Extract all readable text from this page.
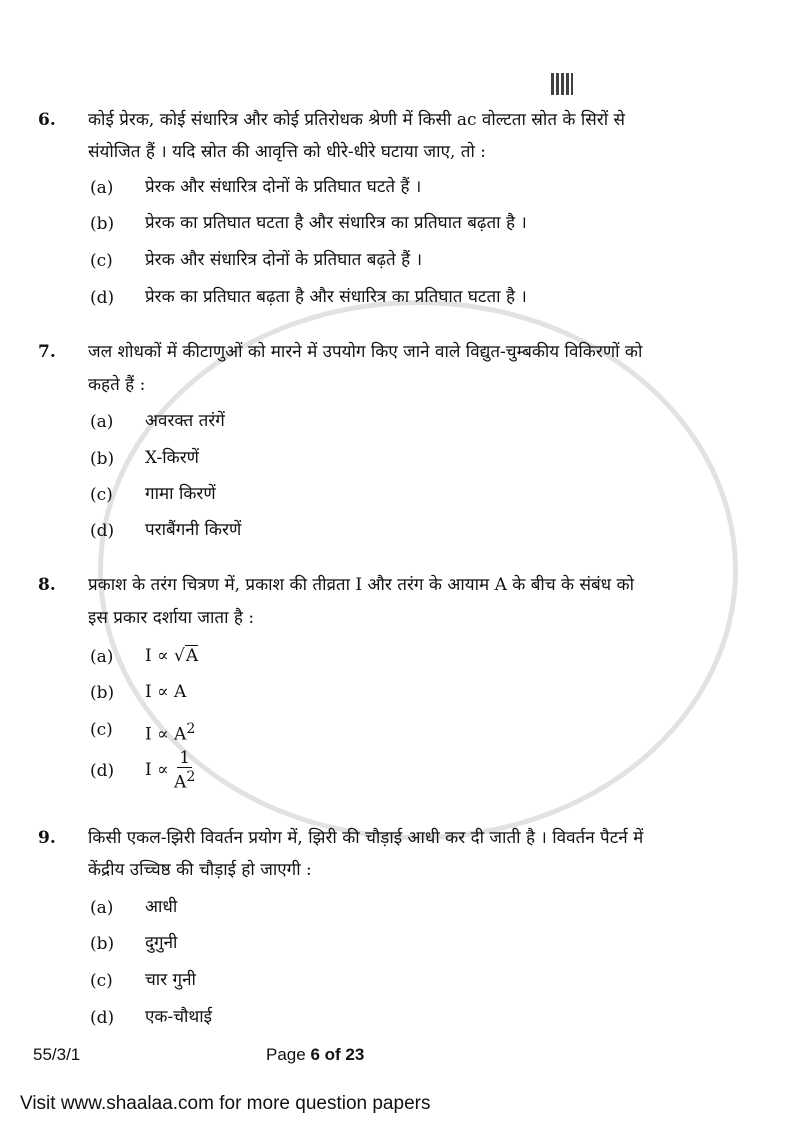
6. कोई प्रेरक, कोई संधारित्र और कोई प्रतिरोधक श्रेणी में किसी ac वोल्टता स्रोत के सिरों से
संयोजित हैं । यदि स्रोत की आवृत्ति को धीरे-धीरे घटाया जाए, तो :
(a) प्रेरक और संधारित्र दोनों के प्रतिघात घटते हैं ।
(b) प्रेरक का प्रतिघात घटता है और संधारित्र का प्रतिघात बढ़ता है ।
(c) प्रेरक और संधारित्र दोनों के प्रतिघात बढ़ते हैं ।
(d) प्रेरक का प्रतिघात बढ़ता है और संधारित्र का प्रतिघात घटता है ।
7. जल शोधकों में कीटाणुओं को मारने में उपयोग किए जाने वाले विद्युत-चुम्बकीय विकिरणों को
कहते हैं :
(a) अवरक्त तरंगें
(b) X-किरणें
(c) गामा किरणें
(d) पराबैंगनी किरणें
8. प्रकाश के तरंग चित्रण में, प्रकाश की तीव्रता I और तरंग के आयाम A के बीच के संबंध को
इस प्रकार दर्शाया जाता है :
(a) I ∝ √A
(b) I ∝ A
(c) $I \propto A^2$
(d) $I \propto \frac{1}{A^2}$
9. किसी एकल-झिरी विवर्तन प्रयोग में, झिरी की चौड़ाई आधी कर दी जाती है । विवर्तन पैटर्न में
केंद्रीय उच्चिष्ठ की चौड़ाई हो जाएगी :
(a) आधी
(b) दुगुनी
(c) चार गुनी
(d) एक-चौथाई
55/3/1	Page 6 of 23
Visit www.shaalaa.com for more question papers
